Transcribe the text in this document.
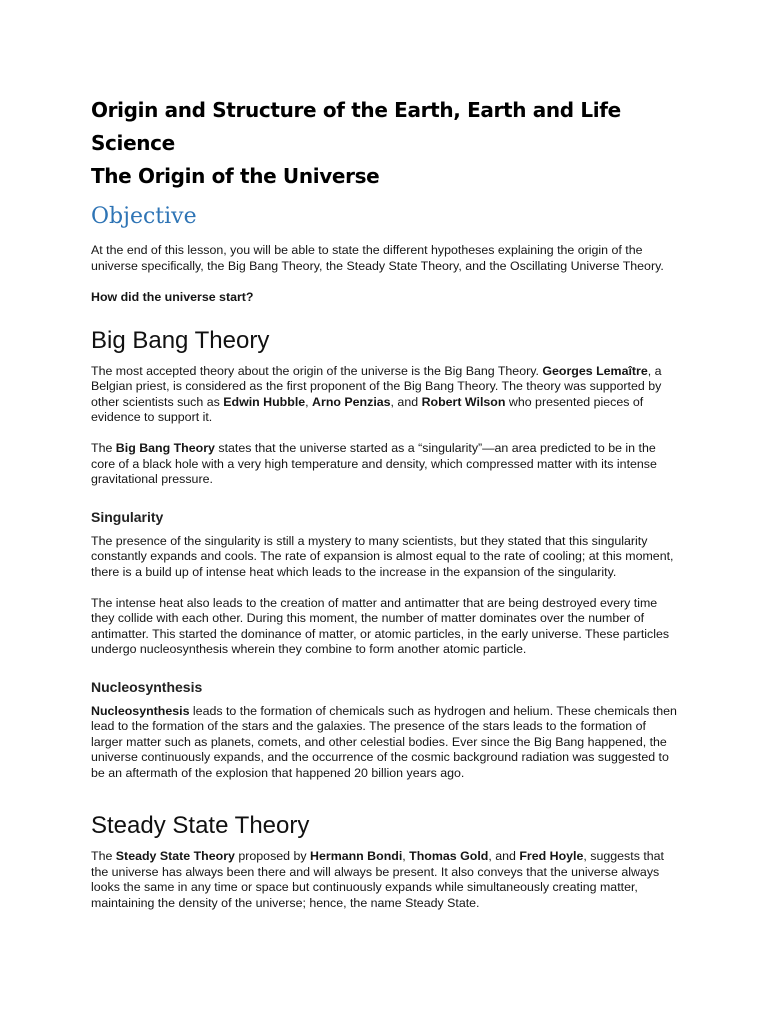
Origin and Structure of the Earth, Earth and Life Science
The Origin of the Universe
Objective

At the end of this lesson, you will be able to state the different hypotheses explaining the origin of the universe specifically, the Big Bang Theory, the Steady State Theory, and the Oscillating Universe Theory.

How did the universe start?

Big Bang Theory

The most accepted theory about the origin of the universe is the Big Bang Theory. Georges Lemaître, a Belgian priest, is considered as the first proponent of the Big Bang Theory. The theory was supported by other scientists such as Edwin Hubble, Arno Penzias, and Robert Wilson who presented pieces of evidence to support it.

The Big Bang Theory states that the universe started as a “singularity”—an area predicted to be in the core of a black hole with a very high temperature and density, which compressed matter with its intense gravitational pressure.

Singularity

The presence of the singularity is still a mystery to many scientists, but they stated that this singularity constantly expands and cools. The rate of expansion is almost equal to the rate of cooling; at this moment, there is a build up of intense heat which leads to the increase in the expansion of the singularity.

The intense heat also leads to the creation of matter and antimatter that are being destroyed every time they collide with each other. During this moment, the number of matter dominates over the number of antimatter. This started the dominance of matter, or atomic particles, in the early universe. These particles undergo nucleosynthesis wherein they combine to form another atomic particle.

Nucleosynthesis

Nucleosynthesis leads to the formation of chemicals such as hydrogen and helium. These chemicals then lead to the formation of the stars and the galaxies. The presence of the stars leads to the formation of larger matter such as planets, comets, and other celestial bodies. Ever since the Big Bang happened, the universe continuously expands, and the occurrence of the cosmic background radiation was suggested to be an aftermath of the explosion that happened 20 billion years ago.

Steady State Theory

The Steady State Theory proposed by Hermann Bondi, Thomas Gold, and Fred Hoyle, suggests that the universe has always been there and will always be present. It also conveys that the universe always looks the same in any time or space but continuously expands while simultaneously creating matter, maintaining the density of the universe; hence, the name Steady State.
